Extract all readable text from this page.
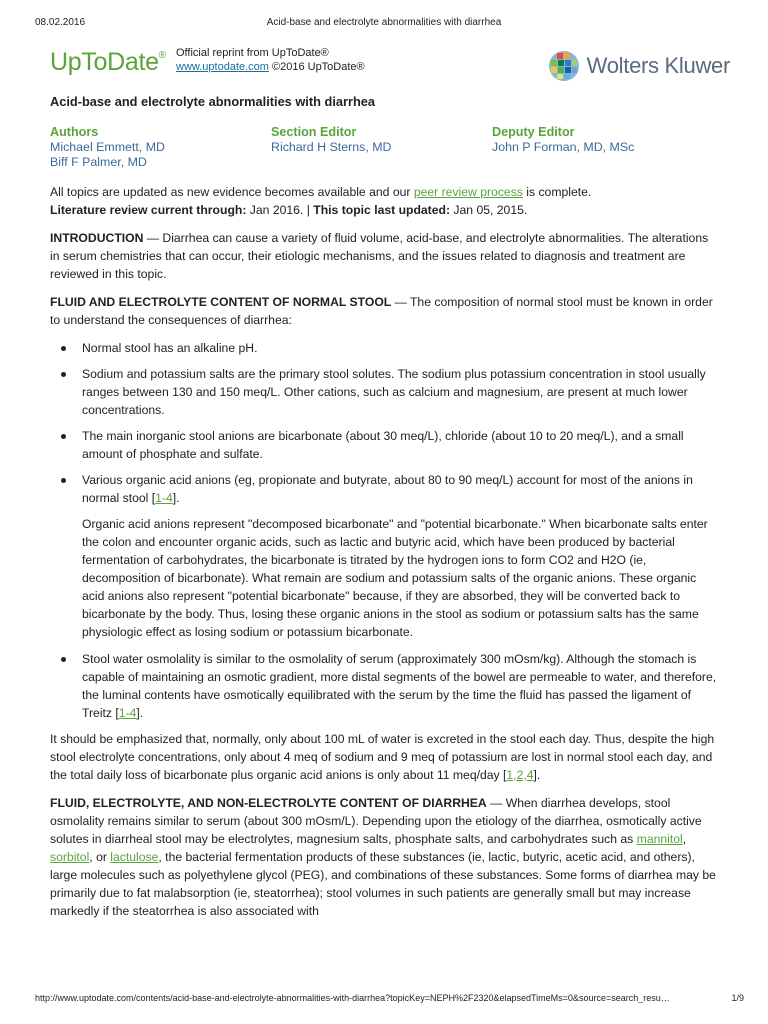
08.02.2016	Acid-base and electrolyte abnormalities with diarrhea
UpToDate® Official reprint from UpToDate®
www.uptodate.com ©2016 UpToDate®	Wolters Kluwer
Acid-base and electrolyte abnormalities with diarrhea
Authors
Michael Emmett, MD
Biff F Palmer, MD
Section Editor
Richard H Sterns, MD
Deputy Editor
John P Forman, MD, MSc
All topics are updated as new evidence becomes available and our peer review process is complete.
Literature review current through: Jan 2016. | This topic last updated: Jan 05, 2015.

INTRODUCTION — Diarrhea can cause a variety of fluid volume, acid-base, and electrolyte abnormalities. The alterations in serum chemistries that can occur, their etiologic mechanisms, and the issues related to diagnosis and treatment are reviewed in this topic.

FLUID AND ELECTROLYTE CONTENT OF NORMAL STOOL — The composition of normal stool must be known in order to understand the consequences of diarrhea:

Normal stool has an alkaline pH.
Sodium and potassium salts are the primary stool solutes. The sodium plus potassium concentration in stool usually ranges between 130 and 150 meq/L. Other cations, such as calcium and magnesium, are present at much lower concentrations.
The main inorganic stool anions are bicarbonate (about 30 meq/L), chloride (about 10 to 20 meq/L), and a small amount of phosphate and sulfate.
Various organic acid anions (eg, propionate and butyrate, about 80 to 90 meq/L) account for most of the anions in normal stool [1-4].

Organic acid anions represent "decomposed bicarbonate" and "potential bicarbonate." When bicarbonate salts enter the colon and encounter organic acids, such as lactic and butyric acid, which have been produced by bacterial fermentation of carbohydrates, the bicarbonate is titrated by the hydrogen ions to form CO2 and H2O (ie, decomposition of bicarbonate). What remain are sodium and potassium salts of the organic anions. These organic acid anions also represent "potential bicarbonate" because, if they are absorbed, they will be converted back to bicarbonate by the body. Thus, losing these organic anions in the stool as sodium or potassium salts has the same physiologic effect as losing sodium or potassium bicarbonate.

Stool water osmolality is similar to the osmolality of serum (approximately 300 mOsm/kg). Although the stomach is capable of maintaining an osmotic gradient, more distal segments of the bowel are permeable to water, and therefore, the luminal contents have osmotically equilibrated with the serum by the time the fluid has passed the ligament of Treitz [1-4].

It should be emphasized that, normally, only about 100 mL of water is excreted in the stool each day. Thus, despite the high stool electrolyte concentrations, only about 4 meq of sodium and 9 meq of potassium are lost in normal stool each day, and the total daily loss of bicarbonate plus organic acid anions is only about 11 meq/day [1,2,4].

FLUID, ELECTROLYTE, AND NON-ELECTROLYTE CONTENT OF DIARRHEA — When diarrhea develops, stool osmolality remains similar to serum (about 300 mOsm/L). Depending upon the etiology of the diarrhea, osmotically active solutes in diarrheal stool may be electrolytes, magnesium salts, phosphate salts, and carbohydrates such as mannitol, sorbitol, or lactulose, the bacterial fermentation products of these substances (ie, lactic, butyric, acetic acid, and others), large molecules such as polyethylene glycol (PEG), and combinations of these substances. Some forms of diarrhea may be primarily due to fat malabsorption (ie, steatorrhea); stool volumes in such patients are generally small but may increase markedly if the steatorrhea is also associated with

http://www.uptodate.com/contents/acid-base-and-electrolyte-abnormalities-with-diarrhea?topicKey=NEPH%2F2320&elapsedTimeMs=0&source=search_resu…	1/9
